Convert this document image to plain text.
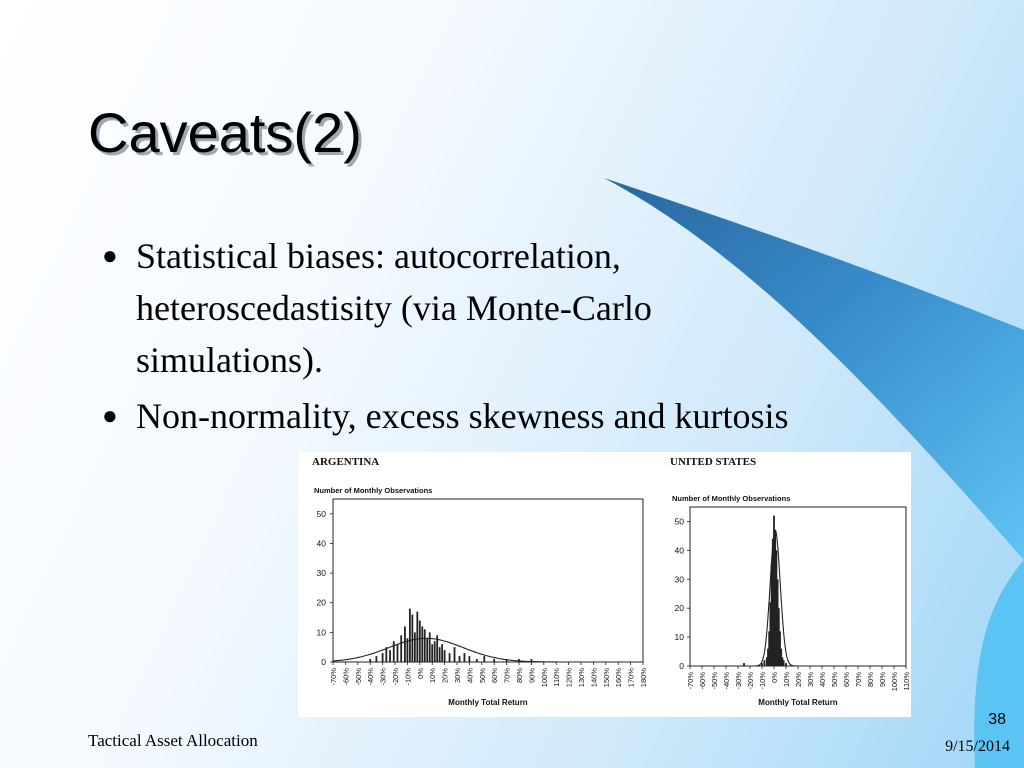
Caveats(2)
● Statistical biases: autocorrelation, heteroscedastisity (via Monte-Carlo simulations).
● Non-normality, excess skewness and kurtosis
ARGENTINA
Number of Monthly Observations
50
40
30
20
10
0
-70% -60% -50% -40% -30% -20% -10% 0% 10% 20% 30% 40% 50% 60% 70% 80% 90% 100% 110% 120% 130% 140% 150% 160% 170% 180%
Monthly Total Return
UNITED STATES
Number of Monthly Observations
50
40
30
20
10
0
-70% -60% -50% -40% -30% -20% -10% 0% 10% 20% 30% 40% 50% 60% 70% 80% 90% 100% 110%
Monthly Total Return
Tactical Asset Allocation
38
9/15/2014
